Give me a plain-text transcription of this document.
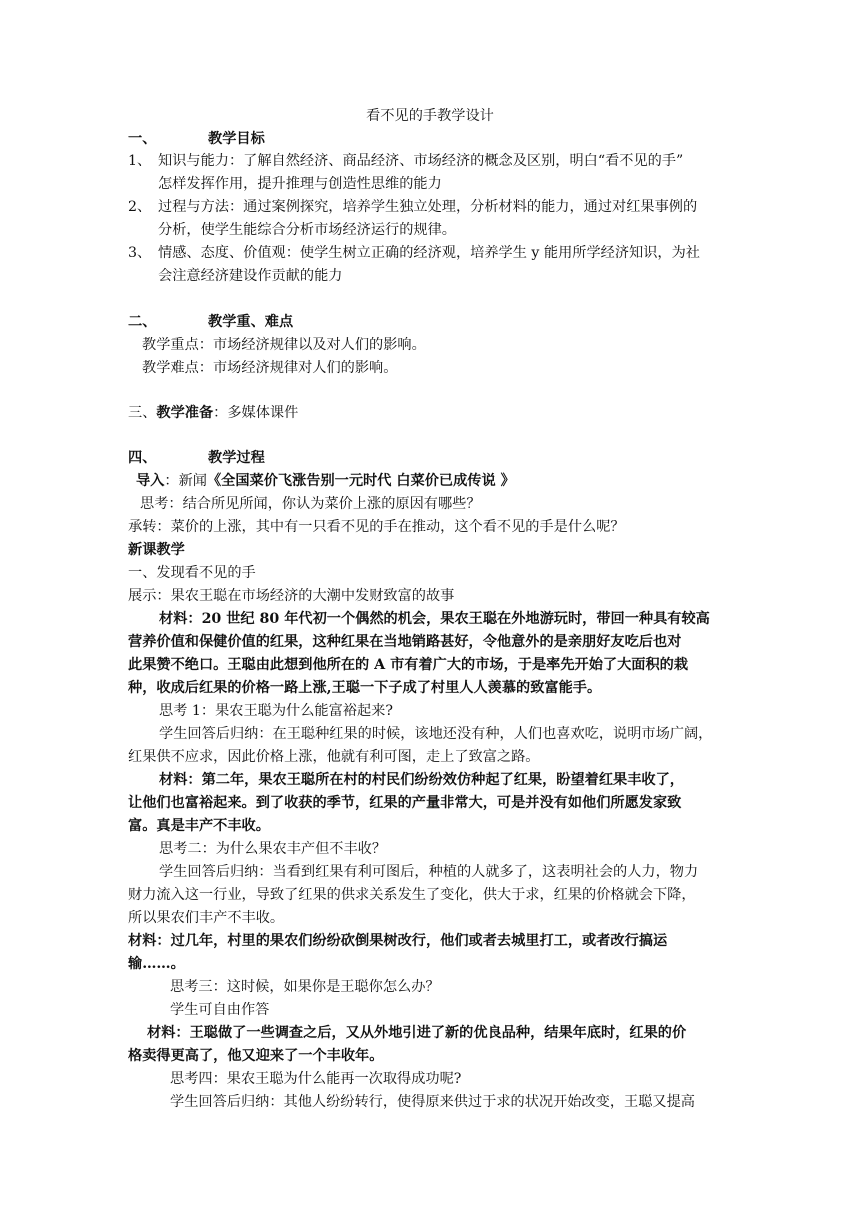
看不见的手教学设计
一、	教学目标
1、 知识与能力：了解自然经济、商品经济、市场经济的概念及区别，明白“看不见的手”
怎样发挥作用，提升推理与创造性思维的能力
2、 过程与方法：通过案例探究，培养学生独立处理，分析材料的能力，通过对红果事例的
分析，使学生能综合分析市场经济运行的规律。
3、 情感、态度、价值观：使学生树立正确的经济观，培养学生 y 能用所学经济知识，为社
会注意经济建设作贡献的能力
二、	教学重、难点
教学重点：市场经济规律以及对人们的影响。
教学难点：市场经济规律对人们的影响。
三、教学准备：多媒体课件
四、	教学过程
导入：新闻《全国菜价飞涨告别一元时代 白菜价已成传说 》
思考：结合所见所闻，你认为菜价上涨的原因有哪些？
承转：菜价的上涨，其中有一只看不见的手在推动，这个看不见的手是什么呢？
新课教学
一、发现看不见的手
展示：果农王聪在市场经济的大潮中发财致富的故事
材料：20 世纪 80 年代初一个偶然的机会，果农王聪在外地游玩时，带回一种具有较高
营养价值和保健价值的红果，这种红果在当地销路甚好，令他意外的是亲朋好友吃后也对
此果赞不绝口。王聪由此想到他所在的 A 市有着广大的市场，于是率先开始了大面积的栽
种，收成后红果的价格一路上涨,王聪一下子成了村里人人羡慕的致富能手。
思考 1：果农王聪为什么能富裕起来?
学生回答后归纳：在王聪种红果的时候，该地还没有种，人们也喜欢吃，说明市场广阔，
红果供不应求，因此价格上涨，他就有利可图，走上了致富之路。
材料：第二年，果农王聪所在村的村民们纷纷效仿种起了红果，盼望着红果丰收了，
让他们也富裕起来。到了收获的季节，红果的产量非常大，可是并没有如他们所愿发家致
富。真是丰产不丰收。
思考二：为什么果农丰产但不丰收？
学生回答后归纳：当看到红果有利可图后，种植的人就多了，这表明社会的人力，物力
财力流入这一行业，导致了红果的供求关系发生了变化，供大于求，红果的价格就会下降，
所以果农们丰产不丰收。
材料：过几年，村里的果农们纷纷砍倒果树改行，他们或者去城里打工，或者改行搞运
输……。
思考三：这时候，如果你是王聪你怎么办？
学生可自由作答
材料：王聪做了一些调查之后，又从外地引进了新的优良品种，结果年底时，红果的价
格卖得更高了，他又迎来了一个丰收年。
思考四：果农王聪为什么能再一次取得成功呢?
学生回答后归纳：其他人纷纷转行，使得原来供过于求的状况开始改变，王聪又提高
